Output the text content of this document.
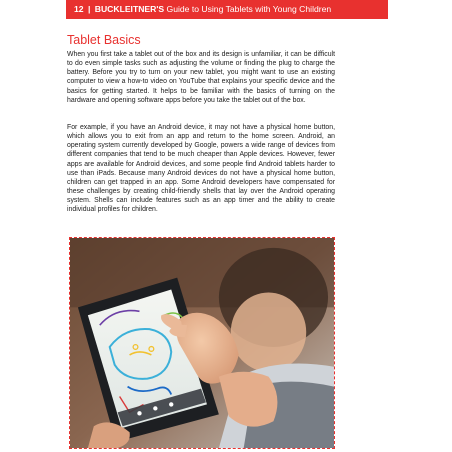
12 | BUCKLEITNER'S Guide to Using Tablets with Young Children
Tablet Basics

When you first take a tablet out of the box and its design is unfamiliar, it can be difficult to do even simple tasks such as adjusting the volume or finding the plug to charge the battery. Before you try to turn on your new tablet, you might want to use an existing computer to view a how-to video on YouTube that explains your specific device and the basics for getting started. It helps to be familiar with the basics of turning on the hardware and opening software apps before you take the tablet out of the box.

For example, if you have an Android device, it may not have a physical home button, which allows you to exit from an app and return to the home screen. Android, an operating system currently developed by Google, powers a wide range of devices from different companies that tend to be much cheaper than Apple devices. However, fewer apps are available for Android devices, and some people find Android tablets harder to use than iPads. Because many Android devices do not have a physical home button, children can get trapped in an app. Some Android developers have compensated for these challenges by creating child-friendly shells that lay over the Android operating system. Shells can include features such as an app timer and the ability to create individual profiles for children.
